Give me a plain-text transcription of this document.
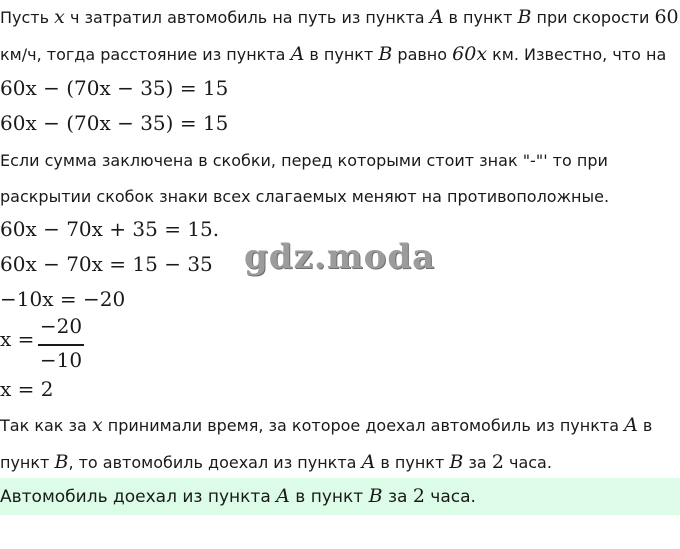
Пусть x ч затратил автомобиль на путь из пункта A в пункт B при скорости 60

км/ч, тогда расстояние из пункта A в пункт B равно 60x км. Известно, что на

60x − (70x − 35) = 15

60x − (70x − 35) = 15

Если сумма заключена в скобки, перед которыми стоит знак "-"' то при

раскрытии скобок знаки всех слагаемых меняют на противоположные.

60x − 70x + 35 = 15.

60x − 70x = 15 − 35

−10x = −20

x =
−20
−10

x = 2

Так как за x принимали время, за которое доехал автомобиль из пункта A в

пункт B, то автомобиль доехал из пункта A в пункт B за 2 часа.

Автомобиль доехал из пункта A в пункт B за 2 часа.

gdz.moda
